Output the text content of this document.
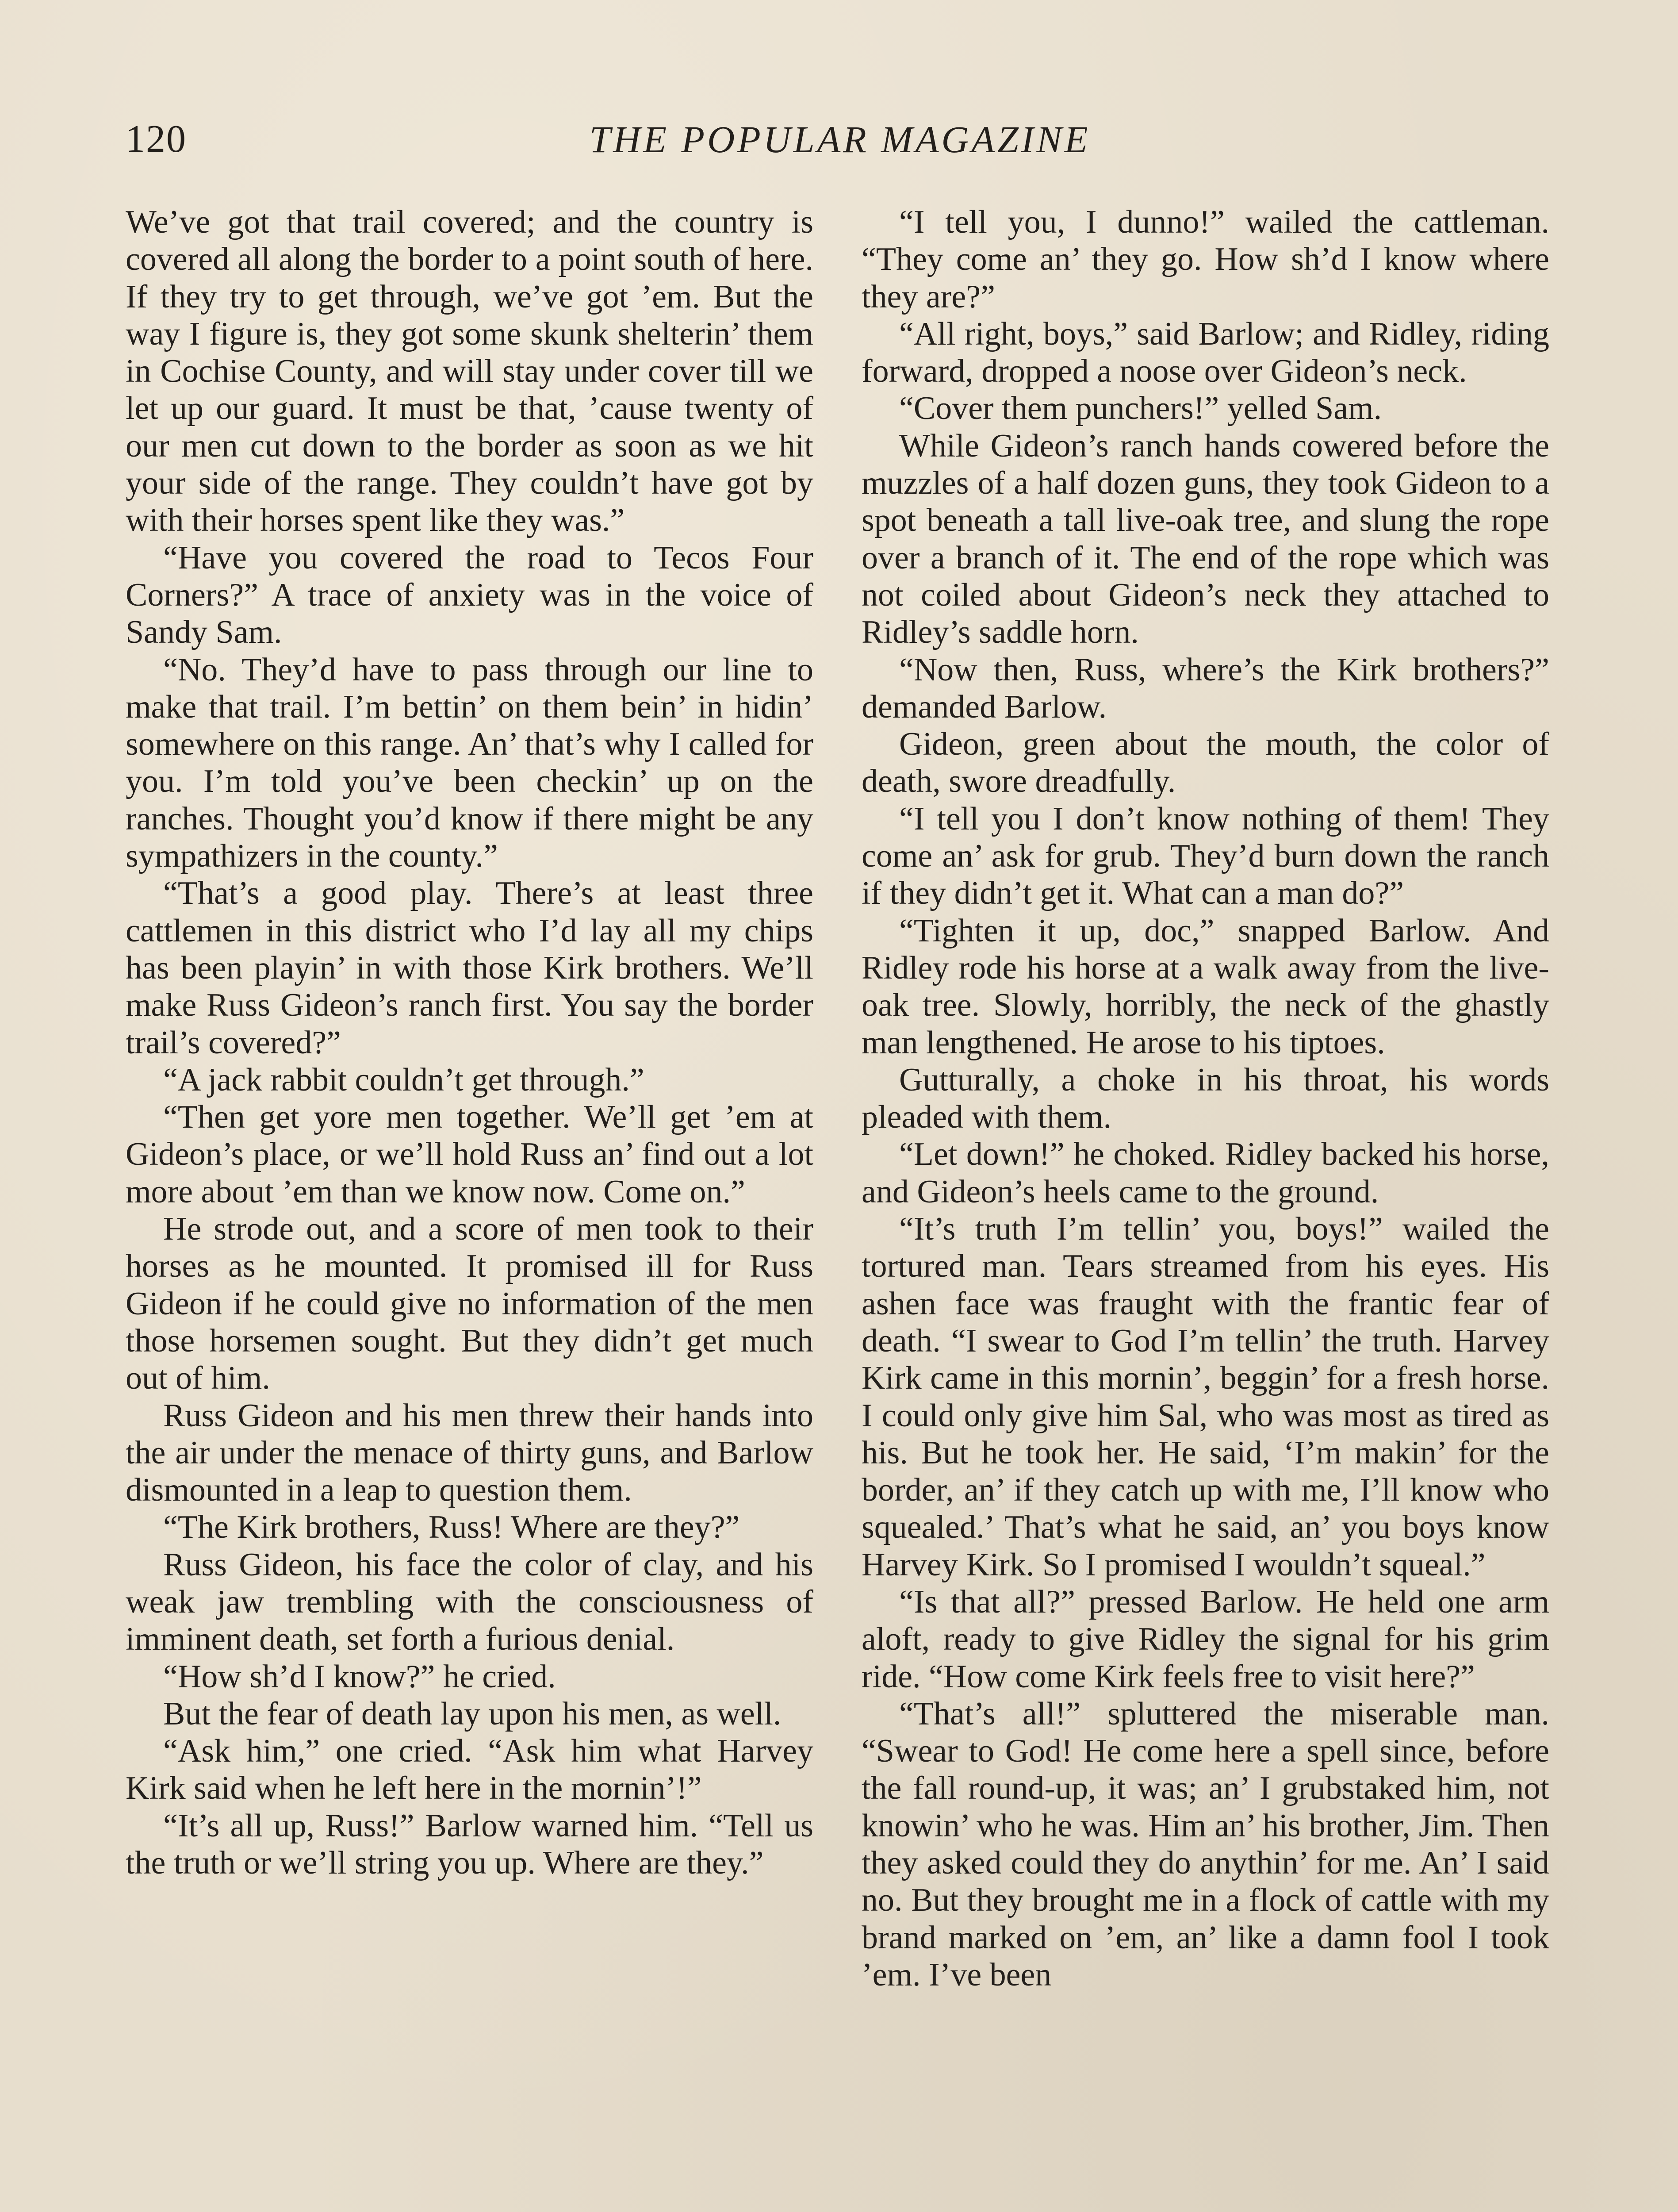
120	THE POPULAR MAGAZINE

We’ve got that trail covered; and the country is covered all along the border to a point south of here. If they try to get through, we’ve got ’em. But the way I figure is, they got some skunk shelterin’ them in Cochise County, and will stay under cover till we let up our guard. It must be that, ’cause twenty of our men cut down to the border as soon as we hit your side of the range. They couldn’t have got by with their horses spent like they was.”

“Have you covered the road to Tecos Four Corners?” A trace of anxiety was in the voice of Sandy Sam.

“No. They’d have to pass through our line to make that trail. I’m bettin’ on them bein’ in hidin’ somewhere on this range. An’ that’s why I called for you. I’m told you’ve been checkin’ up on the ranches. Thought you’d know if there might be any sympathizers in the county.”

“That’s a good play. There’s at least three cattlemen in this district who I’d lay all my chips has been playin’ in with those Kirk brothers. We’ll make Russ Gideon’s ranch first. You say the border trail’s covered?”

“A jack rabbit couldn’t get through.”

“Then get yore men together. We’ll get ’em at Gideon’s place, or we’ll hold Russ an’ find out a lot more about ’em than we know now. Come on.”

He strode out, and a score of men took to their horses as he mounted. It promised ill for Russ Gideon if he could give no information of the men those horsemen sought. But they didn’t get much out of him.

Russ Gideon and his men threw their hands into the air under the menace of thirty guns, and Barlow dismounted in a leap to question them.

“The Kirk brothers, Russ! Where are they?”

Russ Gideon, his face the color of clay, and his weak jaw trembling with the consciousness of imminent death, set forth a furious denial.

“How sh’d I know?” he cried.

But the fear of death lay upon his men, as well.

“Ask him,” one cried. “Ask him what Harvey Kirk said when he left here in the mornin’!”

“It’s all up, Russ!” Barlow warned him. “Tell us the truth or we’ll string you up. Where are they.”

“I tell you, I dunno!” wailed the cattleman. “They come an’ they go. How sh’d I know where they are?”

“All right, boys,” said Barlow; and Ridley, riding forward, dropped a noose over Gideon’s neck.

“Cover them punchers!” yelled Sam.

While Gideon’s ranch hands cowered before the muzzles of a half dozen guns, they took Gideon to a spot beneath a tall live-oak tree, and slung the rope over a branch of it. The end of the rope which was not coiled about Gideon’s neck they attached to Ridley’s saddle horn.

“Now then, Russ, where’s the Kirk brothers?” demanded Barlow.

Gideon, green about the mouth, the color of death, swore dreadfully.

“I tell you I don’t know nothing of them! They come an’ ask for grub. They’d burn down the ranch if they didn’t get it. What can a man do?”

“Tighten it up, doc,” snapped Barlow. And Ridley rode his horse at a walk away from the live-oak tree. Slowly, horribly, the neck of the ghastly man lengthened. He arose to his tiptoes.

Gutturally, a choke in his throat, his words pleaded with them.

“Let down!” he choked. Ridley backed his horse, and Gideon’s heels came to the ground.

“It’s truth I’m tellin’ you, boys!” wailed the tortured man. Tears streamed from his eyes. His ashen face was fraught with the frantic fear of death. “I swear to God I’m tellin’ the truth. Harvey Kirk came in this mornin’, beggin’ for a fresh horse. I could only give him Sal, who was most as tired as his. But he took her. He said, ‘I’m makin’ for the border, an’ if they catch up with me, I’ll know who squealed.’ That’s what he said, an’ you boys know Harvey Kirk. So I promised I wouldn’t squeal.”

“Is that all?” pressed Barlow. He held one arm aloft, ready to give Ridley the signal for his grim ride. “How come Kirk feels free to visit here?”

“That’s all!” spluttered the miserable man. “Swear to God! He come here a spell since, before the fall round-up, it was; an’ I grubstaked him, not knowin’ who he was. Him an’ his brother, Jim. Then they asked could they do anythin’ for me. An’ I said no. But they brought me in a flock of cattle with my brand marked on ’em, an’ like a damn fool I took ’em. I’ve been
